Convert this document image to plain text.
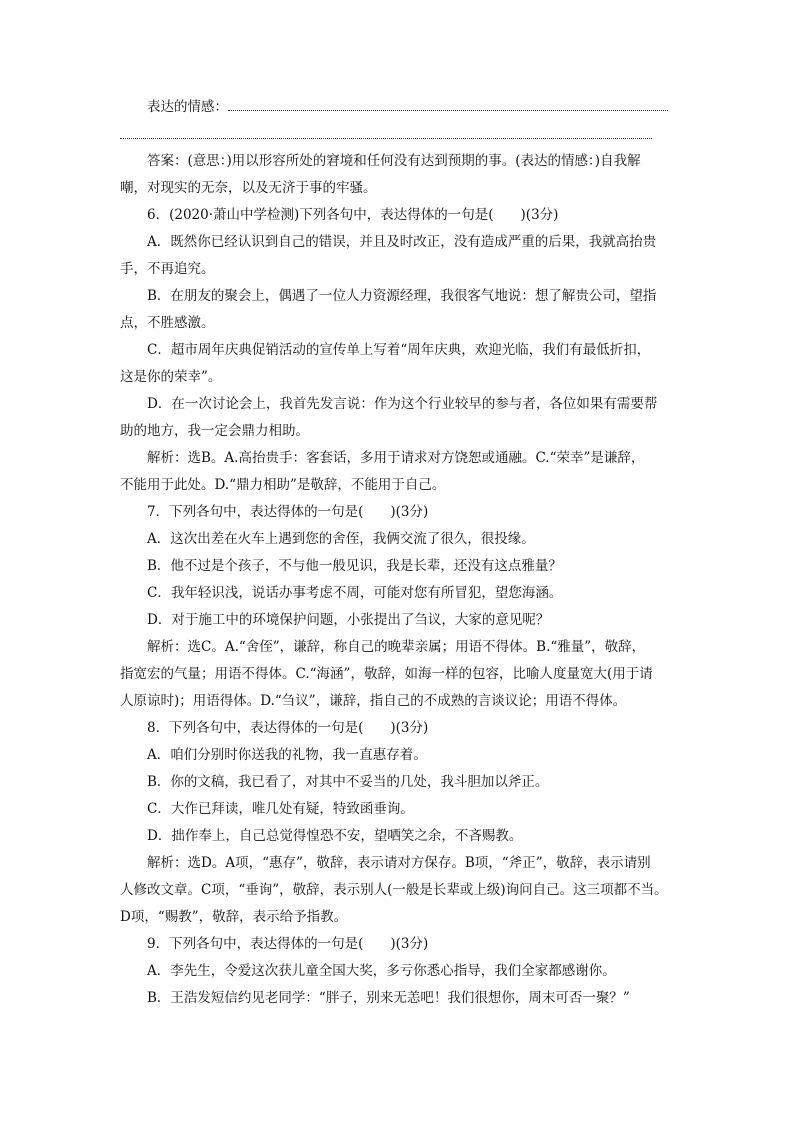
表达的情感：
答案：(意思：)用以形容所处的窘境和任何没有达到预期的事。(表达的情感：)自我解
嘲，对现实的无奈，以及无济于事的牢骚。
6．(2020·萧山中学检测)下列各句中，表达得体的一句是(　　)(3分)
A．既然你已经认识到自己的错误，并且及时改正，没有造成严重的后果，我就高抬贵
手，不再追究。
B．在朋友的聚会上，偶遇了一位人力资源经理，我很客气地说：想了解贵公司，望指
点，不胜感激。
C．超市周年庆典促销活动的宣传单上写着“周年庆典，欢迎光临，我们有最低折扣，
这是你的荣幸”。
D．在一次讨论会上，我首先发言说：作为这个行业较早的参与者，各位如果有需要帮
助的地方，我一定会鼎力相助。
解析：选B。A.高抬贵手：客套话，多用于请求对方饶恕或通融。C.“荣幸”是谦辞，
不能用于此处。D.“鼎力相助”是敬辞，不能用于自己。
7．下列各句中，表达得体的一句是(　　)(3分)
A．这次出差在火车上遇到您的舍侄，我俩交流了很久，很投缘。
B．他不过是个孩子，不与他一般见识，我是长辈，还没有这点雅量？
C．我年轻识浅，说话办事考虑不周，可能对您有所冒犯，望您海涵。
D．对于施工中的环境保护问题，小张提出了刍议，大家的意见呢？
解析：选C。A.“舍侄”，谦辞，称自己的晚辈亲属；用语不得体。B.“雅量”，敬辞，
指宽宏的气量；用语不得体。C.“海涵”，敬辞，如海一样的包容，比喻人度量宽大(用于请
人原谅时)；用语得体。D.“刍议”，谦辞，指自己的不成熟的言谈议论；用语不得体。
8．下列各句中，表达得体的一句是(　　)(3分)
A．咱们分别时你送我的礼物，我一直惠存着。
B．你的文稿，我已看了，对其中不妥当的几处，我斗胆加以斧正。
C．大作已拜读，唯几处有疑，特致函垂询。
D．拙作奉上，自己总觉得惶恐不安，望哂笑之余，不吝赐教。
解析：选D。A项，“惠存”，敬辞，表示请对方保存。B项，“斧正”，敬辞，表示请别
人修改文章。C项，“垂询”，敬辞，表示别人(一般是长辈或上级)询问自己。这三项都不当。
D项，“赐教”，敬辞，表示给予指教。
9．下列各句中，表达得体的一句是(　　)(3分)
A．李先生，令爱这次获儿童全国大奖，多亏你悉心指导，我们全家都感谢你。
B．王浩发短信约见老同学：“胖子，别来无恙吧！我们很想你，周末可否一聚？”
